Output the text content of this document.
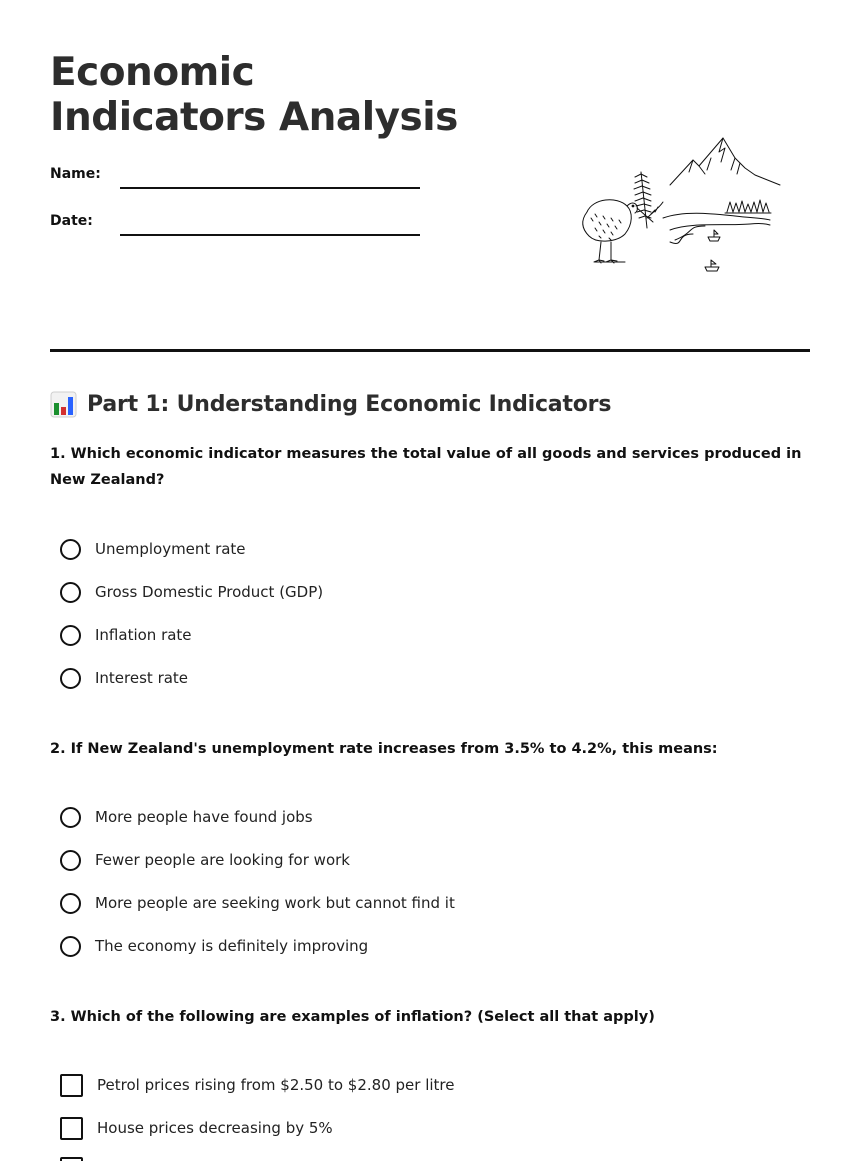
Economic Indicators Analysis
Name:
Date:
Part 1: Understanding Economic Indicators

1. Which economic indicator measures the total value of all goods and services produced in New Zealand?

Unemployment rate
Gross Domestic Product (GDP)
Inflation rate
Interest rate

2. If New Zealand's unemployment rate increases from 3.5% to 4.2%, this means:

More people have found jobs
Fewer people are looking for work
More people are seeking work but cannot find it
The economy is definitely improving

3. Which of the following are examples of inflation? (Select all that apply)

Petrol prices rising from $2.50 to $2.80 per litre
House prices decreasing by 5%
